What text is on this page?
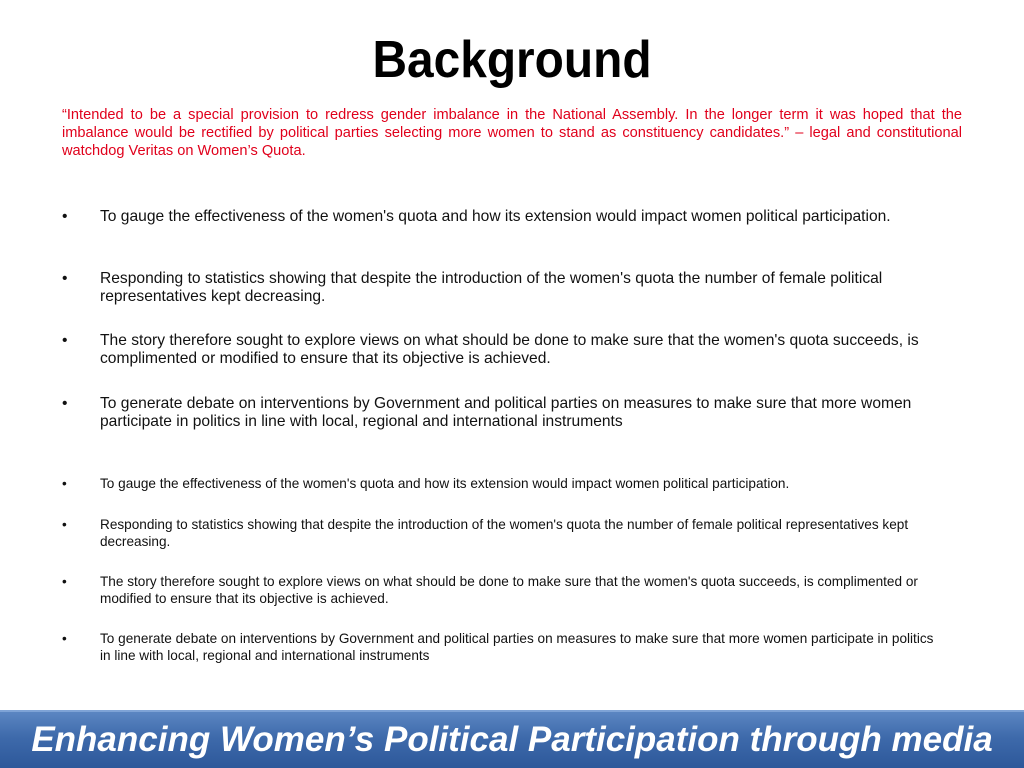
Background

“Intended to be a special provision to redress gender imbalance in the National Assembly. In the longer term it was hoped that the imbalance would be rectified by political parties selecting more women to stand as constituency candidates.” – legal and constitutional watchdog Veritas on Women’s Quota.

•	To gauge the effectiveness of the women's quota and how its extension would impact women political participation.
•	Responding to statistics showing that despite the introduction of the women's quota the number of female political representatives kept decreasing.
•	The story therefore sought to explore views on what should be done to make sure that the women's quota succeeds, is complimented or modified to ensure that its objective is achieved.
•	To generate debate on interventions by Government and political parties on measures to make sure that more women participate in politics in line with local, regional and international instruments
•	To gauge the effectiveness of the women's quota and how its extension would impact women political participation.
•	Responding to statistics showing that despite the introduction of the women's quota the number of female political representatives kept decreasing.
•	The story therefore sought to explore views on what should be done to make sure that the women's quota succeeds, is complimented or modified to ensure that its objective is achieved.
•	To generate debate on interventions by Government and political parties on measures to make sure that more women participate in politics in line with local, regional and international instruments
Enhancing Women’s Political Participation through media
